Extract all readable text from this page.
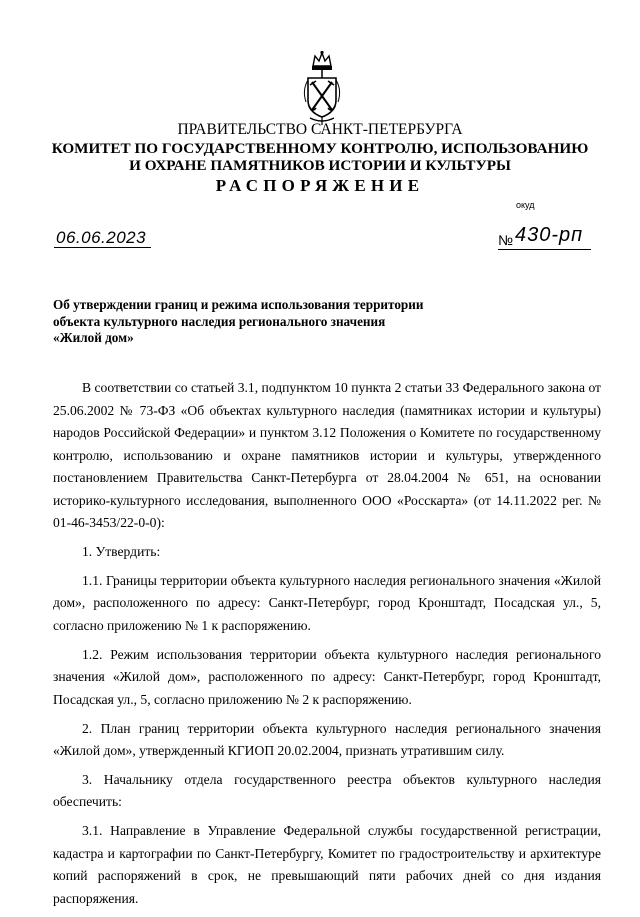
ПРАВИТЕЛЬСТВО САНКТ-ПЕТЕРБУРГА
КОМИТЕТ ПО ГОСУДАРСТВЕННОМУ КОНТРОЛЮ, ИСПОЛЬЗОВАНИЮ
И ОХРАНЕ ПАМЯТНИКОВ ИСТОРИИ И КУЛЬТУРЫ
РАСПОРЯЖЕНИЕ
окуд
06.06.2023	№ 430-рп
Об утверждении границ и режима использования территории
объекта культурного наследия регионального значения
«Жилой дом»

В соответствии со статьей 3.1, подпунктом 10 пункта 2 статьи 33 Федерального закона от 25.06.2002 № 73-ФЗ «Об объектах культурного наследия (памятниках истории и культуры) народов Российской Федерации» и пунктом 3.12 Положения о Комитете по государственному контролю, использованию и охране памятников истории и культуры, утвержденного постановлением Правительства Санкт-Петербурга от 28.04.2004 № 651, на основании историко-культурного исследования, выполненного ООО «Росскарта» (от 14.11.2022 рег. № 01-46-3453/22-0-0):

1. Утвердить:

1.1. Границы территории объекта культурного наследия регионального значения «Жилой дом», расположенного по адресу: Санкт-Петербург, город Кронштадт, Посадская ул., 5, согласно приложению № 1 к распоряжению.

1.2. Режим использования территории объекта культурного наследия регионального значения «Жилой дом», расположенного по адресу: Санкт-Петербург, город Кронштадт, Посадская ул., 5, согласно приложению № 2 к распоряжению.

2. План границ территории объекта культурного наследия регионального значения «Жилой дом», утвержденный КГИОП 20.02.2004, признать утратившим силу.

3. Начальнику отдела государственного реестра объектов культурного наследия обеспечить:

3.1. Направление в Управление Федеральной службы государственной регистрации, кадастра и картографии по Санкт-Петербургу, Комитет по градостроительству и архитектуре копий распоряжений в срок, не превышающий пяти рабочих дней со дня издания распоряжения.
